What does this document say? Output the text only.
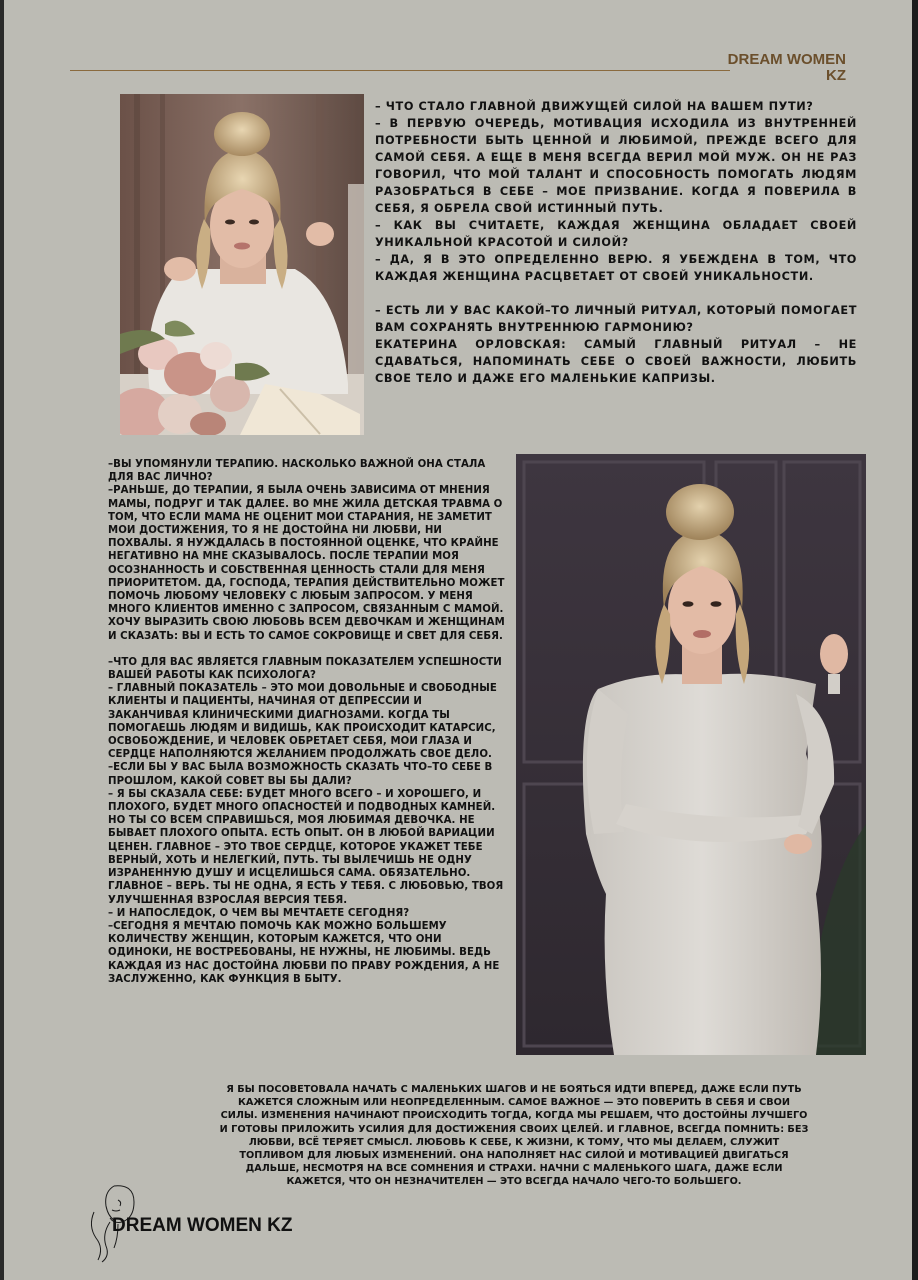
DREAM WOMEN
KZ

– ЧТО СТАЛО ГЛАВНОЙ ДВИЖУЩЕЙ СИЛОЙ НА ВАШЕМ ПУТИ?

– В ПЕРВУЮ ОЧЕРЕДЬ, МОТИВАЦИЯ ИСХОДИЛА ИЗ ВНУТРЕННЕЙ ПОТРЕБНОСТИ БЫТЬ ЦЕННОЙ И ЛЮБИМОЙ, ПРЕЖДЕ ВСЕГО ДЛЯ САМОЙ СЕБЯ. А ЕЩЕ В МЕНЯ ВСЕГДА ВЕРИЛ МОЙ МУЖ. ОН НЕ РАЗ ГОВОРИЛ, ЧТО МОЙ ТАЛАНТ И СПОСОБНОСТЬ ПОМОГАТЬ ЛЮДЯМ РАЗОБРАТЬСЯ В СЕБЕ – МОЕ ПРИЗВАНИЕ. КОГДА Я ПОВЕРИЛА В СЕБЯ, Я ОБРЕЛА СВОЙ ИСТИННЫЙ ПУТЬ.

– КАК ВЫ СЧИТАЕТЕ, КАЖДАЯ ЖЕНЩИНА ОБЛАДАЕТ СВОЕЙ УНИКАЛЬНОЙ КРАСОТОЙ И СИЛОЙ?

– ДА, Я В ЭТО ОПРЕДЕЛЕННО ВЕРЮ. Я УБЕЖДЕНА В ТОМ, ЧТО КАЖДАЯ ЖЕНЩИНА РАСЦВЕТАЕТ ОТ СВОЕЙ УНИКАЛЬНОСТИ.

– ЕСТЬ ЛИ У ВАС КАКОЙ–ТО ЛИЧНЫЙ РИТУАЛ, КОТОРЫЙ ПОМОГАЕТ ВАМ СОХРАНЯТЬ ВНУТРЕННЮЮ ГАРМОНИЮ?

ЕКАТЕРИНА ОРЛОВСКАЯ: САМЫЙ ГЛАВНЫЙ РИТУАЛ – НЕ СДАВАТЬСЯ, НАПОМИНАТЬ СЕБЕ О СВОЕЙ ВАЖНОСТИ, ЛЮБИТЬ СВОЕ ТЕЛО И ДАЖЕ ЕГО МАЛЕНЬКИЕ КАПРИЗЫ.

–ВЫ УПОМЯНУЛИ ТЕРАПИЮ. НАСКОЛЬКО ВАЖНОЙ ОНА СТАЛА ДЛЯ ВАС ЛИЧНО?

–РАНЬШЕ, ДО ТЕРАПИИ, Я БЫЛА ОЧЕНЬ ЗАВИСИМА ОТ МНЕНИЯ МАМЫ, ПОДРУГ И ТАК ДАЛЕЕ. ВО МНЕ ЖИЛА ДЕТСКАЯ ТРАВМА О ТОМ, ЧТО ЕСЛИ МАМА НЕ ОЦЕНИТ МОИ СТАРАНИЯ, НЕ ЗАМЕТИТ МОИ ДОСТИЖЕНИЯ, ТО Я НЕ ДОСТОЙНА НИ ЛЮБВИ, НИ ПОХВАЛЫ. Я НУЖДАЛАСЬ В ПОСТОЯННОЙ ОЦЕНКЕ, ЧТО КРАЙНЕ НЕГАТИВНО НА МНЕ СКАЗЫВАЛОСЬ. ПОСЛЕ ТЕРАПИИ МОЯ ОСОЗНАННОСТЬ И СОБСТВЕННАЯ ЦЕННОСТЬ СТАЛИ ДЛЯ МЕНЯ ПРИОРИТЕТОМ. ДА, ГОСПОДА, ТЕРАПИЯ ДЕЙСТВИТЕЛЬНО МОЖЕТ ПОМОЧЬ ЛЮБОМУ ЧЕЛОВЕКУ С ЛЮБЫМ ЗАПРОСОМ. У МЕНЯ МНОГО КЛИЕНТОВ ИМЕННО С ЗАПРОСОМ, СВЯЗАННЫМ С МАМОЙ. ХОЧУ ВЫРАЗИТЬ СВОЮ ЛЮБОВЬ ВСЕМ ДЕВОЧКАМ И ЖЕНЩИНАМ И СКАЗАТЬ: ВЫ И ЕСТЬ ТО САМОЕ СОКРОВИЩЕ И СВЕТ ДЛЯ СЕБЯ.

–ЧТО ДЛЯ ВАС ЯВЛЯЕТСЯ ГЛАВНЫМ ПОКАЗАТЕЛЕМ УСПЕШНОСТИ ВАШЕЙ РАБОТЫ КАК ПСИХОЛОГА?

– ГЛАВНЫЙ ПОКАЗАТЕЛЬ – ЭТО МОИ ДОВОЛЬНЫЕ И СВОБОДНЫЕ КЛИЕНТЫ И ПАЦИЕНТЫ, НАЧИНАЯ ОТ ДЕПРЕССИИ И ЗАКАНЧИВАЯ КЛИНИЧЕСКИМИ ДИАГНОЗАМИ. КОГДА ТЫ ПОМОГАЕШЬ ЛЮДЯМ И ВИДИШЬ, КАК ПРОИСХОДИТ КАТАРСИС, ОСВОБОЖДЕНИЕ, И ЧЕЛОВЕК ОБРЕТАЕТ СЕБЯ, МОИ ГЛАЗА И СЕРДЦЕ НАПОЛНЯЮТСЯ ЖЕЛАНИЕМ ПРОДОЛЖАТЬ СВОЕ ДЕЛО.

–ЕСЛИ БЫ У ВАС БЫЛА ВОЗМОЖНОСТЬ СКАЗАТЬ ЧТО–ТО СЕБЕ В ПРОШЛОМ, КАКОЙ СОВЕТ ВЫ БЫ ДАЛИ?

– Я БЫ СКАЗАЛА СЕБЕ: БУДЕТ МНОГО ВСЕГО – И ХОРОШЕГО, И ПЛОХОГО, БУДЕТ МНОГО ОПАСНОСТЕЙ И ПОДВОДНЫХ КАМНЕЙ. НО ТЫ СО ВСЕМ СПРАВИШЬСЯ, МОЯ ЛЮБИМАЯ ДЕВОЧКА. НЕ БЫВАЕТ ПЛОХОГО ОПЫТА. ЕСТЬ ОПЫТ. ОН В ЛЮБОЙ ВАРИАЦИИ ЦЕНЕН. ГЛАВНОЕ – ЭТО ТВОЕ СЕРДЦЕ, КОТОРОЕ УКАЖЕТ ТЕБЕ ВЕРНЫЙ, ХОТЬ И НЕЛЕГКИЙ, ПУТЬ. ТЫ ВЫЛЕЧИШЬ НЕ ОДНУ ИЗРАНЕННУЮ ДУШУ И ИСЦЕЛИШЬСЯ САМА. ОБЯЗАТЕЛЬНО. ГЛАВНОЕ – ВЕРЬ. ТЫ НЕ ОДНА, Я ЕСТЬ У ТЕБЯ. С ЛЮБОВЬЮ, ТВОЯ УЛУЧШЕННАЯ ВЗРОСЛАЯ ВЕРСИЯ ТЕБЯ.

– И НАПОСЛЕДОК, О ЧЕМ ВЫ МЕЧТАЕТЕ СЕГОДНЯ?

–СЕГОДНЯ Я МЕЧТАЮ ПОМОЧЬ КАК МОЖНО БОЛЬШЕМУ КОЛИЧЕСТВУ ЖЕНЩИН, КОТОРЫМ КАЖЕТСЯ, ЧТО ОНИ ОДИНОКИ, НЕ ВОСТРЕБОВАНЫ, НЕ НУЖНЫ, НЕ ЛЮБИМЫ. ВЕДЬ КАЖДАЯ ИЗ НАС ДОСТОЙНА ЛЮБВИ ПО ПРАВУ РОЖДЕНИЯ, А НЕ ЗАСЛУЖЕННО, КАК ФУНКЦИЯ В БЫТУ.

Я БЫ ПОСОВЕТОВАЛА НАЧАТЬ С МАЛЕНЬКИХ ШАГОВ И НЕ БОЯТЬСЯ ИДТИ ВПЕРЕД, ДАЖЕ ЕСЛИ ПУТЬ КАЖЕТСЯ СЛОЖНЫМ ИЛИ НЕОПРЕДЕЛЕННЫМ. САМОЕ ВАЖНОЕ — ЭТО ПОВЕРИТЬ В СЕБЯ И СВОИ СИЛЫ. ИЗМЕНЕНИЯ НАЧИНАЮТ ПРОИСХОДИТЬ ТОГДА, КОГДА МЫ РЕШАЕМ, ЧТО ДОСТОЙНЫ ЛУЧШЕГО И ГОТОВЫ ПРИЛОЖИТЬ УСИЛИЯ ДЛЯ ДОСТИЖЕНИЯ СВОИХ ЦЕЛЕЙ. И ГЛАВНОЕ, ВСЕГДА ПОМНИТЬ: БЕЗ ЛЮБВИ, ВСЁ ТЕРЯЕТ СМЫСЛ. ЛЮБОВЬ К СЕБЕ, К ЖИЗНИ, К ТОМУ, ЧТО МЫ ДЕЛАЕМ, СЛУЖИТ ТОПЛИВОМ ДЛЯ ЛЮБЫХ ИЗМЕНЕНИЙ. ОНА НАПОЛНЯЕТ НАС СИЛОЙ И МОТИВАЦИЕЙ ДВИГАТЬСЯ ДАЛЬШЕ, НЕСМОТРЯ НА ВСЕ СОМНЕНИЯ И СТРАХИ. НАЧНИ С МАЛЕНЬКОГО ШАГА, ДАЖЕ ЕСЛИ КАЖЕТСЯ, ЧТО ОН НЕЗНАЧИТЕЛЕН — ЭТО ВСЕГДА НАЧАЛО ЧЕГО-ТО БОЛЬШЕГО.
DREAM WOMEN KZ
